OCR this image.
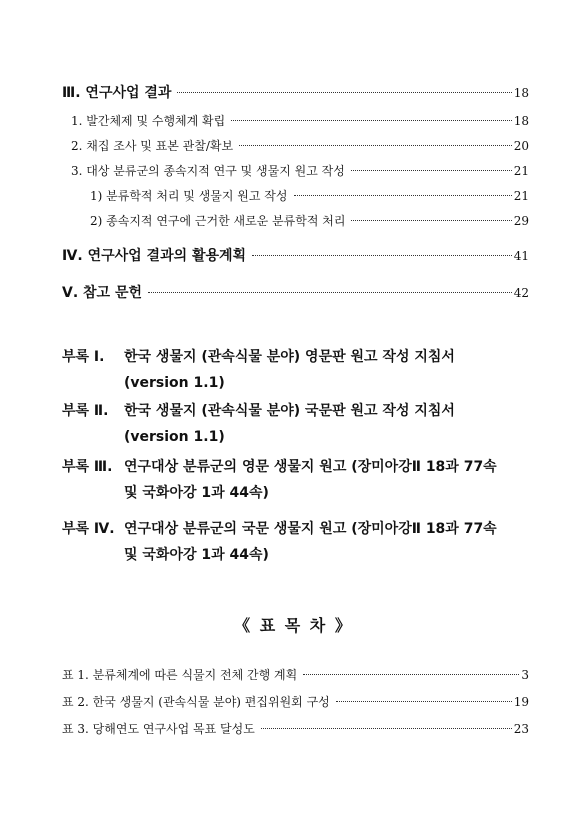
Ⅲ. 연구사업 결과	18
1. 발간체제 및 수행체계 확립	18
2. 채집 조사 및 표본 관찰/확보	20
3. 대상 분류군의 종속지적 연구 및 생물지 원고 작성	21
1) 분류학적 처리 및 생물지 원고 작성	21
2) 종속지적 연구에 근거한 새로운 분류학적 처리	29
Ⅳ. 연구사업 결과의 활용계획	41
Ⅴ. 참고 문헌	42
부록 Ⅰ.	한국 생물지 (관속식물 분야) 영문판 원고 작성 지침서
(version 1.1)
부록 Ⅱ.	한국 생물지 (관속식물 분야) 국문판 원고 작성 지침서
(version 1.1)
부록 Ⅲ. 연구대상 분류군의 영문 생물지 원고 (장미아강Ⅱ 18과 77속
및 국화아강 1과 44속)
부록 Ⅳ. 연구대상 분류군의 국문 생물지 원고 (장미아강Ⅱ 18과 77속
및 국화아강 1과 44속)
《 표 목 차 》
표 1. 분류체계에 따른 식물지 전체 간행 계획	3
표 2. 한국 생물지 (관속식물 분야) 편집위원회 구성	19
표 3. 당해연도 연구사업 목표 달성도	23
